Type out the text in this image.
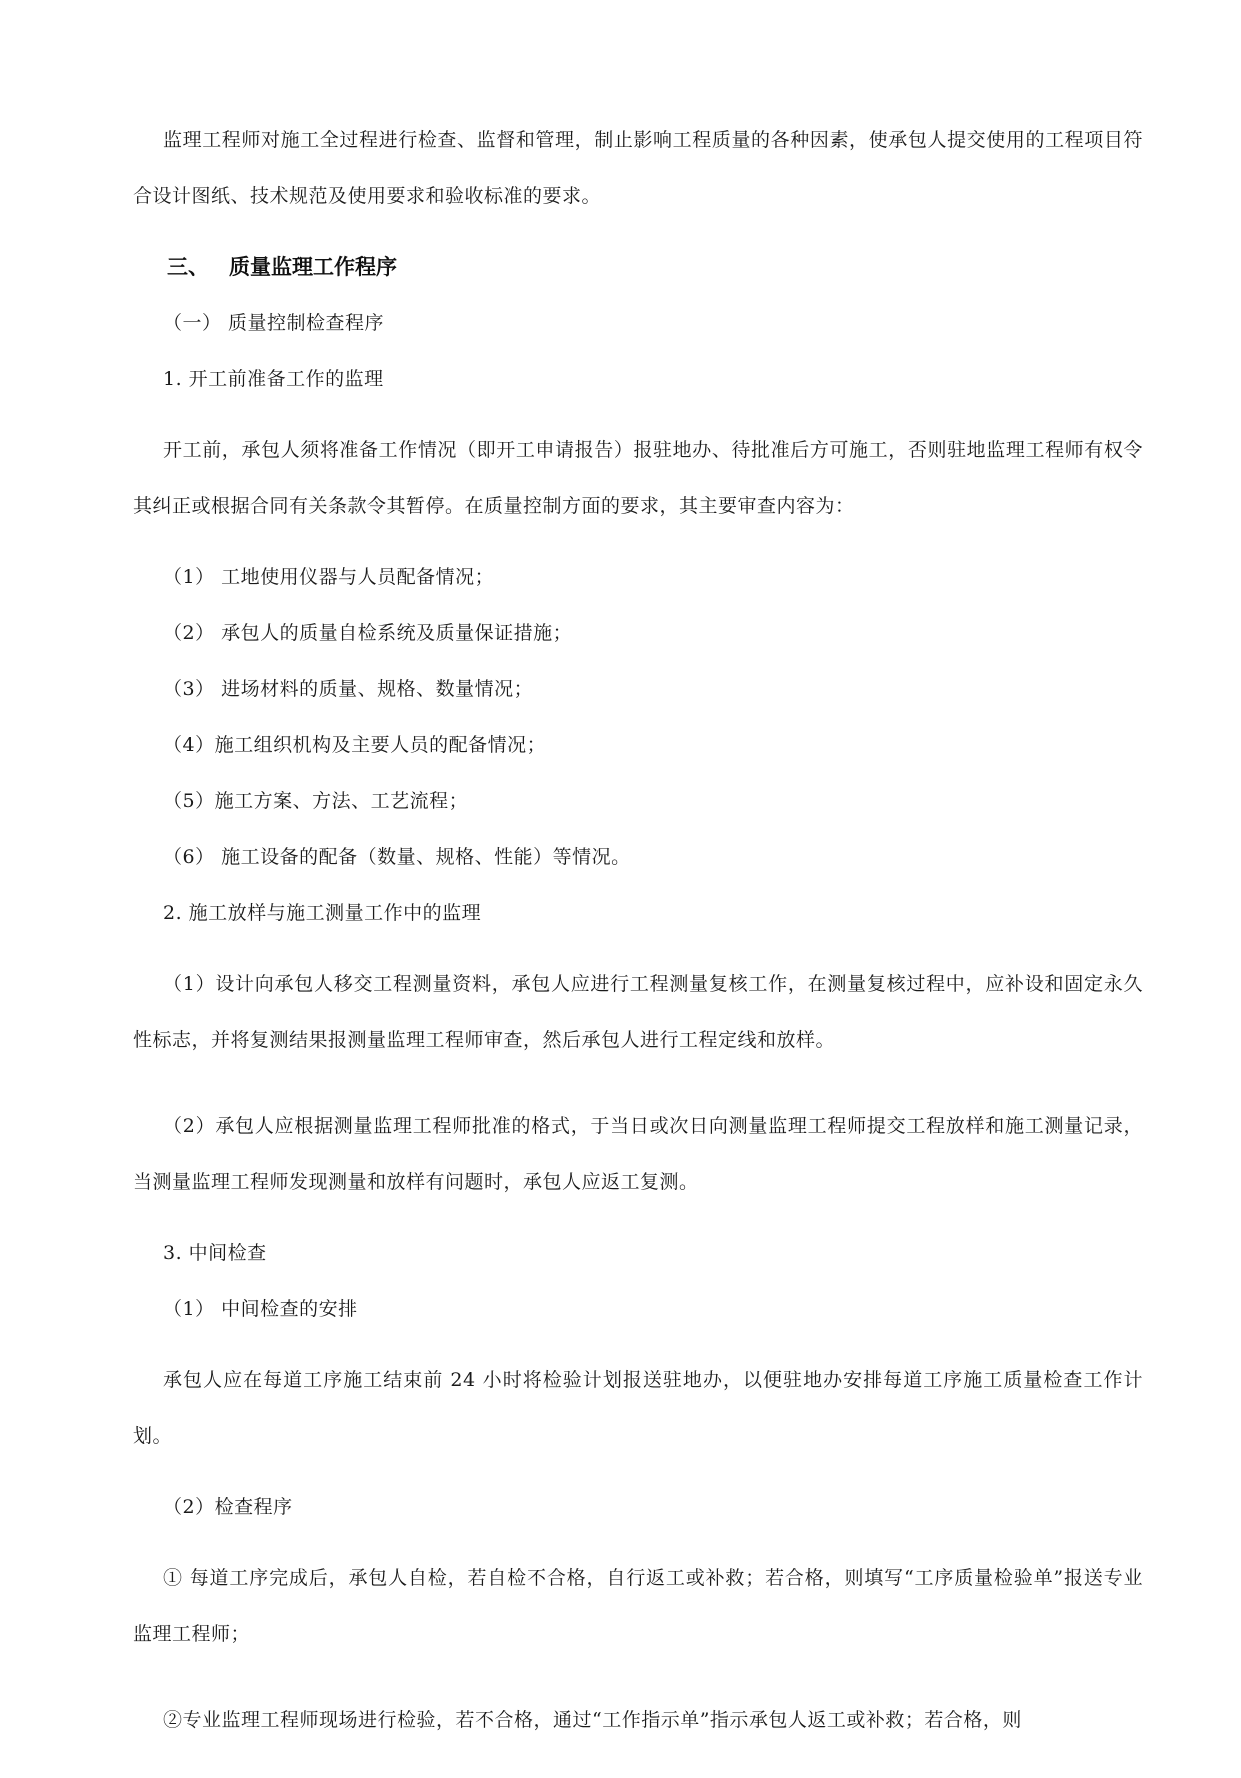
监理工程师对施工全过程进行检查、监督和管理，制止影响工程质量的各种因素，使承包人提交使用的工程项目符合设计图纸、技术规范及使用要求和验收标准的要求。

三、 质量监理工作程序

（一） 质量控制检查程序

1. 开工前准备工作的监理

开工前，承包人须将准备工作情况（即开工申请报告）报驻地办、待批准后方可施工，否则驻地监理工程师有权令其纠正或根据合同有关条款令其暂停。在质量控制方面的要求，其主要审查内容为：

（1） 工地使用仪器与人员配备情况；

（2） 承包人的质量自检系统及质量保证措施；

（3） 进场材料的质量、规格、数量情况；

（4）施工组织机构及主要人员的配备情况；

（5）施工方案、方法、工艺流程；

（6） 施工设备的配备（数量、规格、性能）等情况。

2. 施工放样与施工测量工作中的监理

（1）设计向承包人移交工程测量资料，承包人应进行工程测量复核工作，在测量复核过程中，应补设和固定永久性标志，并将复测结果报测量监理工程师审查，然后承包人进行工程定线和放样。

（2）承包人应根据测量监理工程师批准的格式，于当日或次日向测量监理工程师提交工程放样和施工测量记录，当测量监理工程师发现测量和放样有问题时，承包人应返工复测。

3. 中间检查

（1） 中间检查的安排

承包人应在每道工序施工结束前 24 小时将检验计划报送驻地办，以便驻地办安排每道工序施工质量检查工作计划。

（2）检查程序

① 每道工序完成后，承包人自检，若自检不合格，自行返工或补救；若合格，则填写“工序质量检验单”报送专业监理工程师；

②专业监理工程师现场进行检验，若不合格，通过“工作指示单”指示承包人返工或补救；若合格，则
